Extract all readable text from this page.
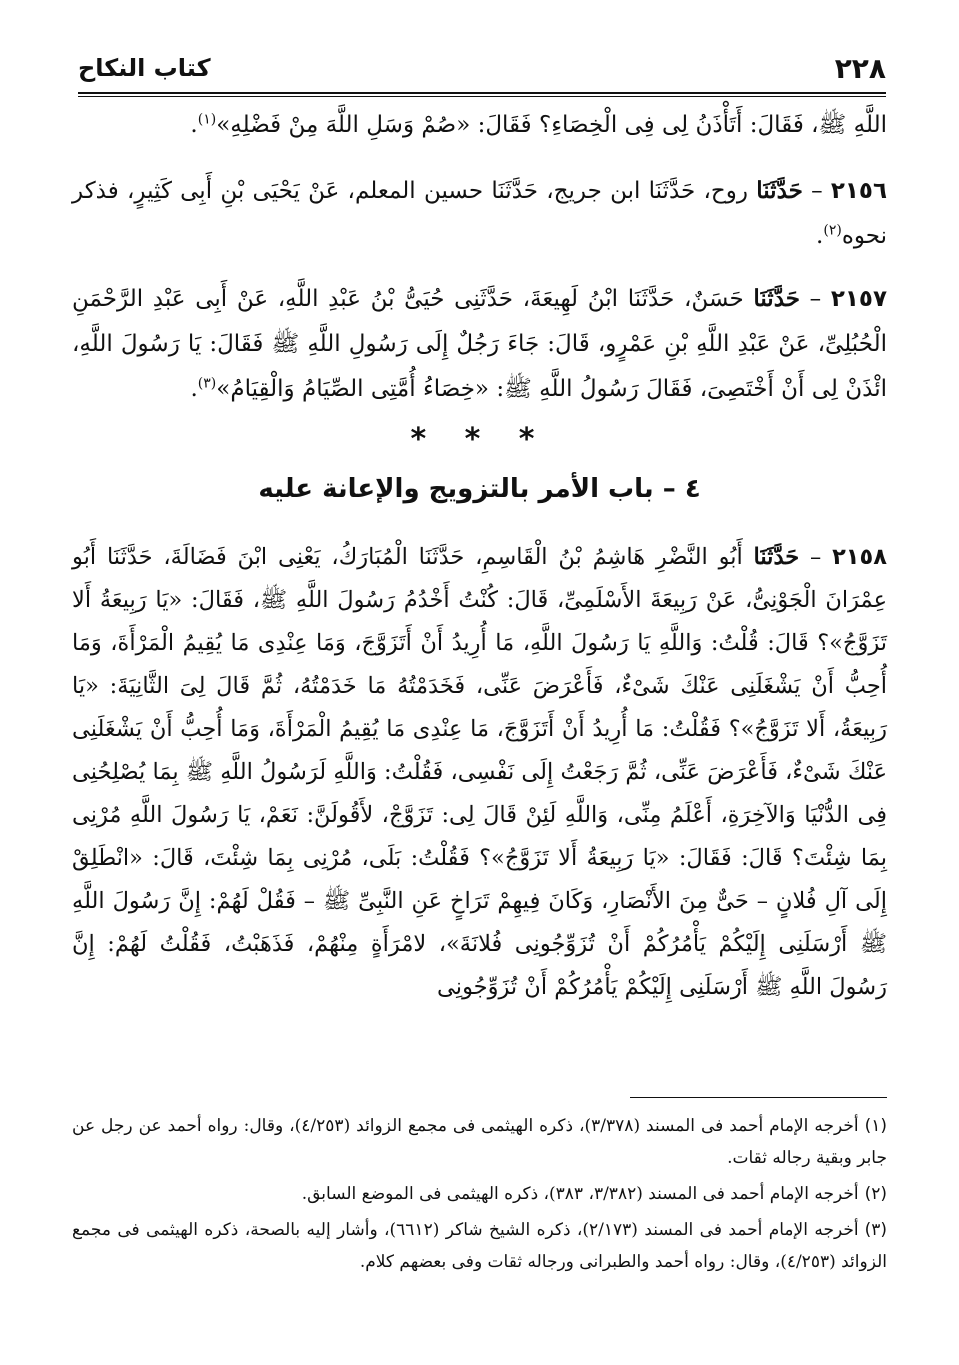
٢٢٨
كتاب النكاح
اللَّهِ ﷺ، فَقَالَ: أَتَأْذَنُ لِى فِى الْخِصَاءِ؟ فَقَالَ: «صُمْ وَسَلِ اللَّهَ مِنْ فَضْلِهِ»$^{(١)}$.
٢١٥٦ – حَدَّثَنَا روح، حَدَّثَنَا ابن جريج، حَدَّثَنَا حسين المعلم، عَنْ يَحْيَى بْنِ أَبِى كَثِيرٍ، فذكر نحوه$^{(٢)}$.
٢١٥٧ – حَدَّثَنَا حَسَنٌ، حَدَّثَنَا ابْنُ لَهِيعَةَ، حَدَّثَنِى حُيَىُّ بْنُ عَبْدِ اللَّهِ، عَنْ أَبِى عَبْدِ الرَّحْمَنِ الْحُبُلِىِّ، عَنْ عَبْدِ اللَّهِ بْنِ عَمْرٍو، قَالَ: جَاءَ رَجُلٌ إِلَى رَسُولِ اللَّهِ ﷺ فَقَالَ: يَا رَسُولَ اللَّهِ، ائْذَنْ لِى أَنْ أَخْتَصِىَ، فَقَالَ رَسُولُ اللَّهِ ﷺ: «خِصَاءُ أُمَّتِى الصِّيَامُ وَالْقِيَامُ»$^{(٣)}$.
* * *
٤ – باب الأمر بالتزويج والإعانة عليه
٢١٥٨ – حَدَّثَنَا أَبُو النَّضْرِ هَاشِمُ بْنُ الْقَاسِمِ، حَدَّثَنَا الْمُبَارَكُ، يَعْنِى ابْنَ فَضَالَةَ، حَدَّثَنَا أَبُو عِمْرَانَ الْجَوْنِىُّ، عَنْ رَبِيعَةَ الأَسْلَمِىِّ، قَالَ: كُنْتُ أَخْدُمُ رَسُولَ اللَّهِ ﷺ، فَقَالَ: «يَا رَبِيعَةُ أَلا تَزَوَّجُ»؟ قَالَ: قُلْتُ: وَاللَّهِ يَا رَسُولَ اللَّهِ، مَا أُرِيدُ أَنْ أَتَزَوَّجَ، وَمَا عِنْدِى مَا يُقِيمُ الْمَرْأَةَ، وَمَا أُحِبُّ أَنْ يَشْغَلَنِى عَنْكَ شَىْءٌ، فَأَعْرَضَ عَنِّى، فَخَدَمْتُهُ مَا خَدَمْتُهُ، ثُمَّ قَالَ لِىَ الثَّانِيَةَ: «يَا رَبِيعَةُ، أَلا تَزَوَّجُ»؟ فَقُلْتُ: مَا أُرِيدُ أَنْ أَتَزَوَّجَ، مَا عِنْدِى مَا يُقِيمُ الْمَرْأَةَ، وَمَا أُحِبُّ أَنْ يَشْغَلَنِى عَنْكَ شَىْءٌ، فَأَعْرَضَ عَنِّى، ثُمَّ رَجَعْتُ إِلَى نَفْسِى، فَقُلْتُ: وَاللَّهِ لَرَسُولُ اللَّهِ ﷺ بِمَا يُصْلِحُنِى فِى الدُّنْيَا وَالآخِرَةِ، أَعْلَمُ مِنِّى، وَاللَّهِ لَئِنْ قَالَ لِى: تَزَوَّجْ، لأَقُولَنَّ: نَعَمْ، يَا رَسُولَ اللَّهِ مُرْنِى بِمَا شِئْتَ؟ قَالَ: فَقَالَ: «يَا رَبِيعَةُ أَلا تَزَوَّجُ»؟ فَقُلْتُ: بَلَى، مُرْنِى بِمَا شِئْتَ، قَالَ: «انْطَلِقْ إِلَى آلِ فُلانٍ – حَىٌّ مِنَ الأَنْصَارِ، وَكَانَ فِيهِمْ تَرَاخٍ عَنِ النَّبِىِّ ﷺ – فَقُلْ لَهُمْ: إِنَّ رَسُولَ اللَّهِ ﷺ أَرْسَلَنِى إِلَيْكُمْ يَأْمُرُكُمْ أَنْ تُزَوِّجُونِى فُلانَةَ»، لامْرَأَةٍ مِنْهُمْ، فَذَهَبْتُ، فَقُلْتُ لَهُمْ: إِنَّ رَسُولَ اللَّهِ ﷺ أَرْسَلَنِى إِلَيْكُمْ يَأْمُرُكُمْ أَنْ تُزَوِّجُونِى

(١)أخرجه الإمام أحمد فى المسند (٣/٣٧٨)، ذكره الهيثمى فى مجمع الزوائد (٤/٢٥٣)، وقال: رواه أحمد عن رجل عن جابر وبقية رجاله ثقات.

(٢)أخرجه الإمام أحمد فى المسند (٣/٣٨٢، ٣٨٣)، ذكره الهيثمى فى الموضع السابق.

(٣)أخرجه الإمام أحمد فى المسند (٢/١٧٣)، ذكره الشيخ شاكر (٦٦١٢)، وأشار إليه بالصحة، ذكره الهيثمى فى مجمع الزوائد (٤/٢٥٣)، وقال: رواه أحمد والطبرانى ورجاله ثقات وفى بعضهم كلام.
